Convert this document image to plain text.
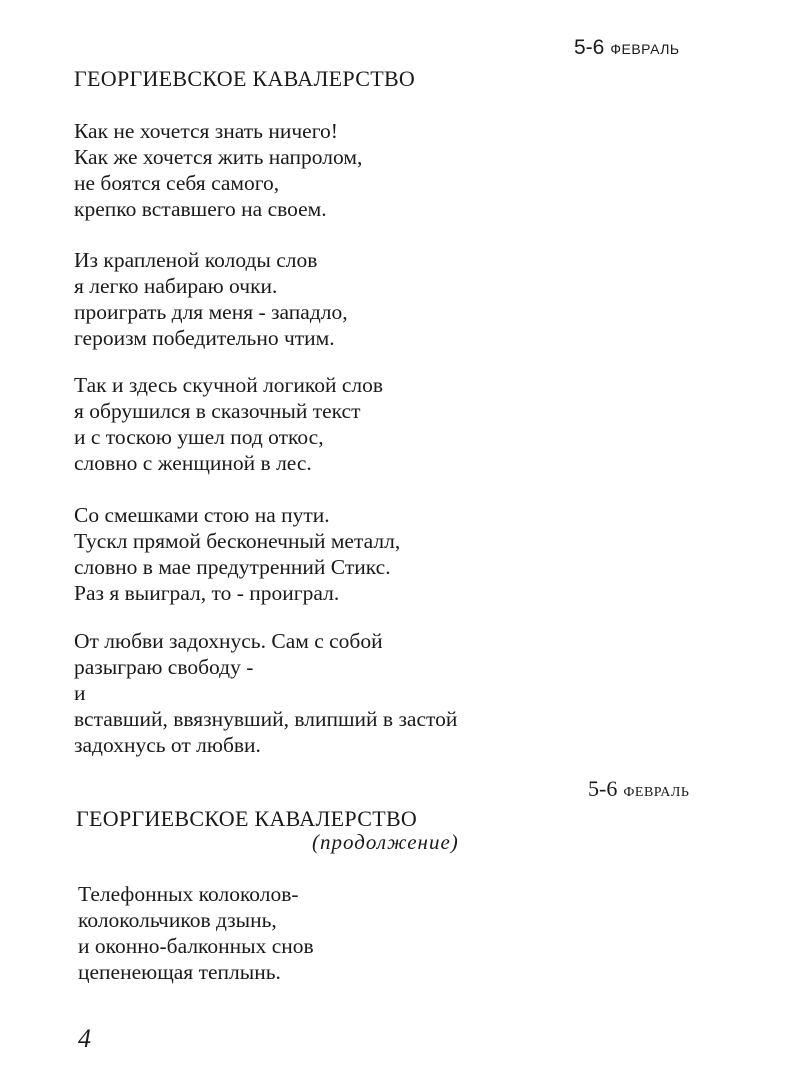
5-6 ФЕВРАЛЬ
ГЕОРГИЕВСКОЕ КАВАЛЕРСТВО
Как не хочется знать ничего!
Как же хочется жить напролом,
не боятся себя самого,
крепко вставшего на своем.
Из крапленой колоды слов
я легко набираю очки.
проиграть для меня - западло,
героизм победительно чтим.
Так и здесь скучной логикой слов
я обрушился в сказочный текст
и с тоскою ушел под откос,
словно с женщиной в лес.
Со смешками стою на пути.
Тускл прямой бесконечный металл,
словно в мае предутренний Стикс.
Раз я выиграл, то - проиграл.
От любви задохнусь. Сам с собой
разыграю свободу -
и
вставший, ввязнувший, влипший в застой
задохнусь от любви.
5-6 ФЕВРАЛЬ
ГЕОРГИЕВСКОЕ КАВАЛЕРСТВО
(продолжение)
Телефонных колоколов-
колокольчиков дзынь,
и оконно-балконных снов
цепенеющая теплынь.
4
